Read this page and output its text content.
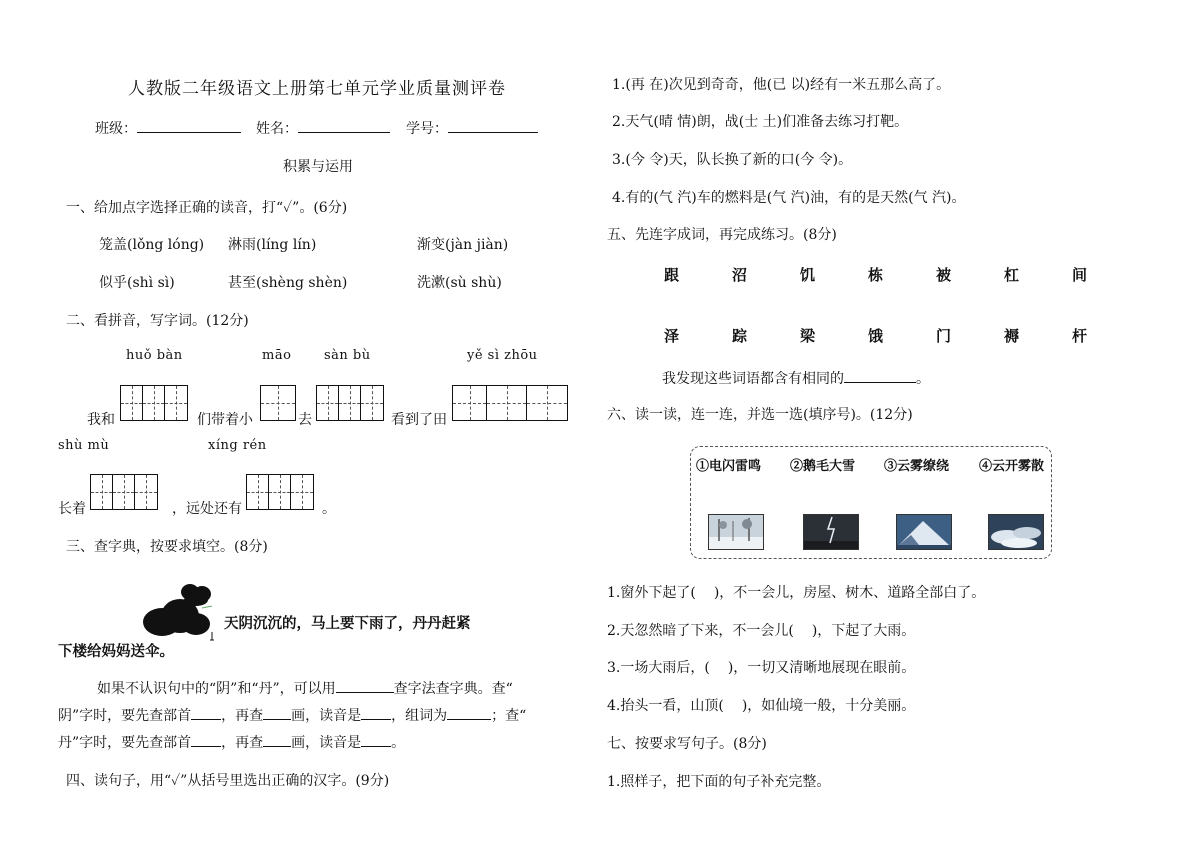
人教版二年级语文上册第七单元学业质量测评卷
班级：	姓名：	学号：
积累与运用
一、给加点字选择正确的读音，打“✓”。(6分)
笼盖(lǒng lóng) 淋雨(líng lín)	渐变(jàn jiàn)
似乎(shì sì)	甚至(shèng shèn)	洗漱(sù shù)
二、看拼音，写字词。(12分)
huǒ bàn	māo	sàn bù	yě sì zhōu
我和	们带着小	去	看到了田
shù mù	xíng rén
长着	，远处还有	。
三、查字典，按要求填空。(8分)
天阴沉沉的，马上要下雨了，丹丹赶紧
下楼给妈妈送伞。
如果不认识句中的“阴”和“丹”，可以用	查字法查字典。查“
阴”字时，要先查部首 ，再查 画，读音是 ，组词为	；查“
丹”字时，要先查部首 ，再查 画，读音是 。
四、读句子，用“✓”从括号里选出正确的汉字。(9分)
1.(再 在)次见到奇奇，他(已 以)经有一米五那么高了。
2.天气(晴 情)朗，战(士 土)们准备去练习打靶。
3.(今 令)天，队长换了新的口(今 令)。
4.有的(气 汽)车的燃料是(气 汽)油，有的是天然(气 汽)。
五、先连字成词，再完成练习。(8分)
跟	沼	饥	栋	被	杠	间
泽	踪	梁	饿	门	褥	杆
我发现这些词语都含有相同的	。
六、读一读，连一连，并选一选(填序号)。(12分)
①电闪雷鸣 ②鹅毛大雪 ③云雾缭绕 ④云开雾散
1.窗外下起了( )，不一会儿，房屋、树木、道路全部白了。
2.天忽然暗了下来，不一会儿( )，下起了大雨。
3.一场大雨后，( )，一切又清晰地展现在眼前。
4.抬头一看，山顶( )，如仙境一般，十分美丽。
七、按要求写句子。(8分)
1.照样子，把下面的句子补充完整。
